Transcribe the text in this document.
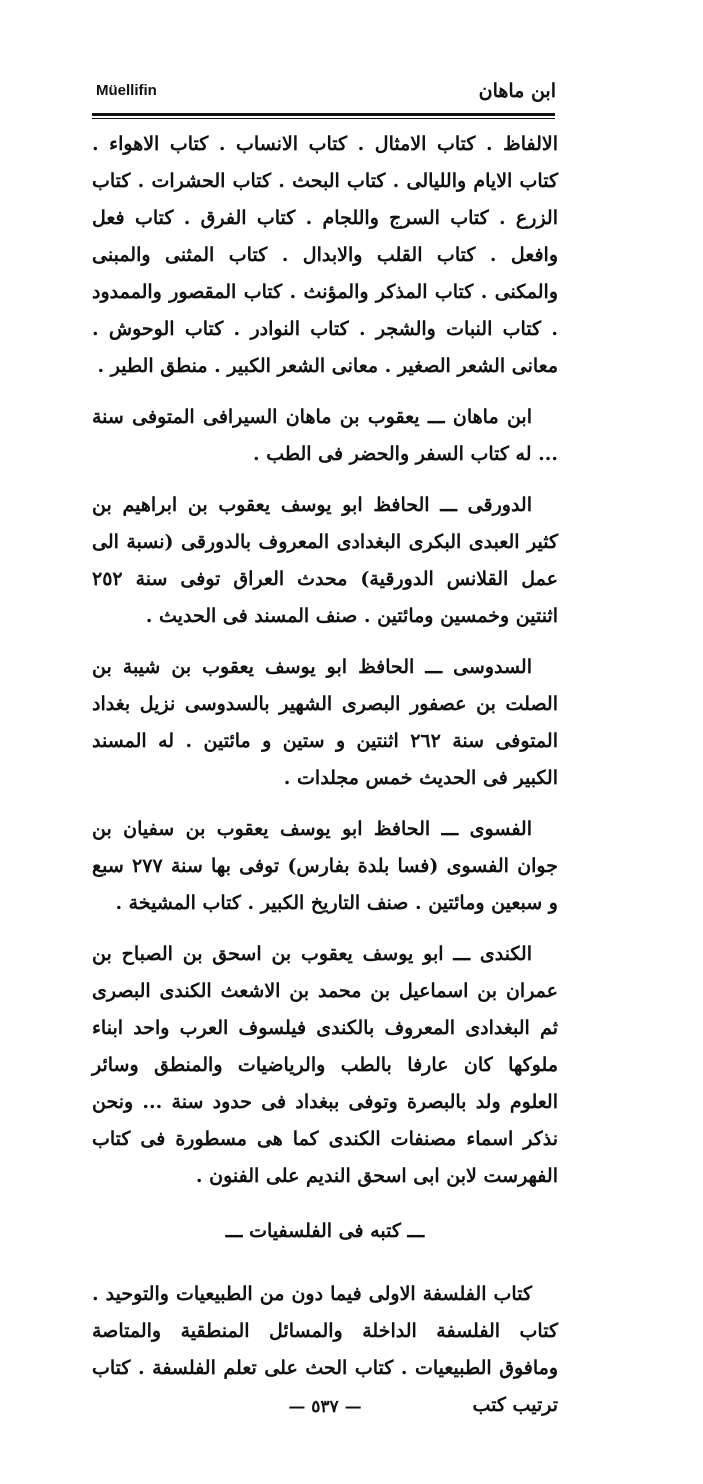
Müellifin	ابن ماهان

الالفاظ . كتاب الامثال . كتاب الانساب . كتاب الاهواء . كتاب الايام والليالى . كتاب البحث . كتاب الحشرات . كتاب الزرع . كتاب السرج واللجام . كتاب الفرق . كتاب فعل وافعل . كتاب القلب والابدال . كتاب المثنى والمبنى والمكنى . كتاب المذكر والمؤنث . كتاب المقصور والممدود . كتاب النبات والشجر . كتاب النوادر . كتاب الوحوش . معانى الشعر الصغير . معانى الشعر الكبير . منطق الطير .

ابن ماهان ـــ يعقوب بن ماهان السيرافى المتوفى سنة ... له كتاب السفر والحضر فى الطب .

الدورقى ـــ الحافظ ابو يوسف يعقوب بن ابراهيم بن كثير العبدى البكرى البغدادى المعروف بالدورقى (نسبة الى عمل القلانس الدورقية) محدث العراق توفى سنة ٢٥٢ اثنتين وخمسين ومائتين . صنف المسند فى الحديث .

السدوسى ـــ الحافظ ابو يوسف يعقوب بن شيبة بن الصلت بن عصفور البصرى الشهير بالسدوسى نزيل بغداد المتوفى سنة ٢٦٢ اثنتين و ستين و مائتين . له المسند الكبير فى الحديث خمس مجلدات .

الفسوى ـــ الحافظ ابو يوسف يعقوب بن سفيان بن جوان الفسوى (فسا بلدة بفارس) توفى بها سنة ٢٧٧ سبع و سبعين ومائتين . صنف التاريخ الكبير . كتاب المشيخة .

الكندى ـــ ابو يوسف يعقوب بن اسحق بن الصباح بن عمران بن اسماعيل بن محمد بن الاشعث الكندى البصرى ثم البغدادى المعروف بالكندى فيلسوف العرب واحد ابناء ملوكها كان عارفا بالطب والرياضيات والمنطق وسائر العلوم ولد بالبصرة وتوفى ببغداد فى حدود سنة ... ونحن نذكر اسماء مصنفات الكندى كما هى مسطورة فى كتاب الفهرست لابن ابى اسحق النديم على الفنون .

ـــ كتبه فى الفلسفيات ـــ

كتاب الفلسفة الاولى فيما دون من الطبيعيات والتوحيد . كتاب الفلسفة الداخلة والمسائل المنطقية والمتاصة ومافوق الطبيعيات . كتاب الحث على تعلم الفلسفة . كتاب ترتيب كتب

— ٥٣٧ —
